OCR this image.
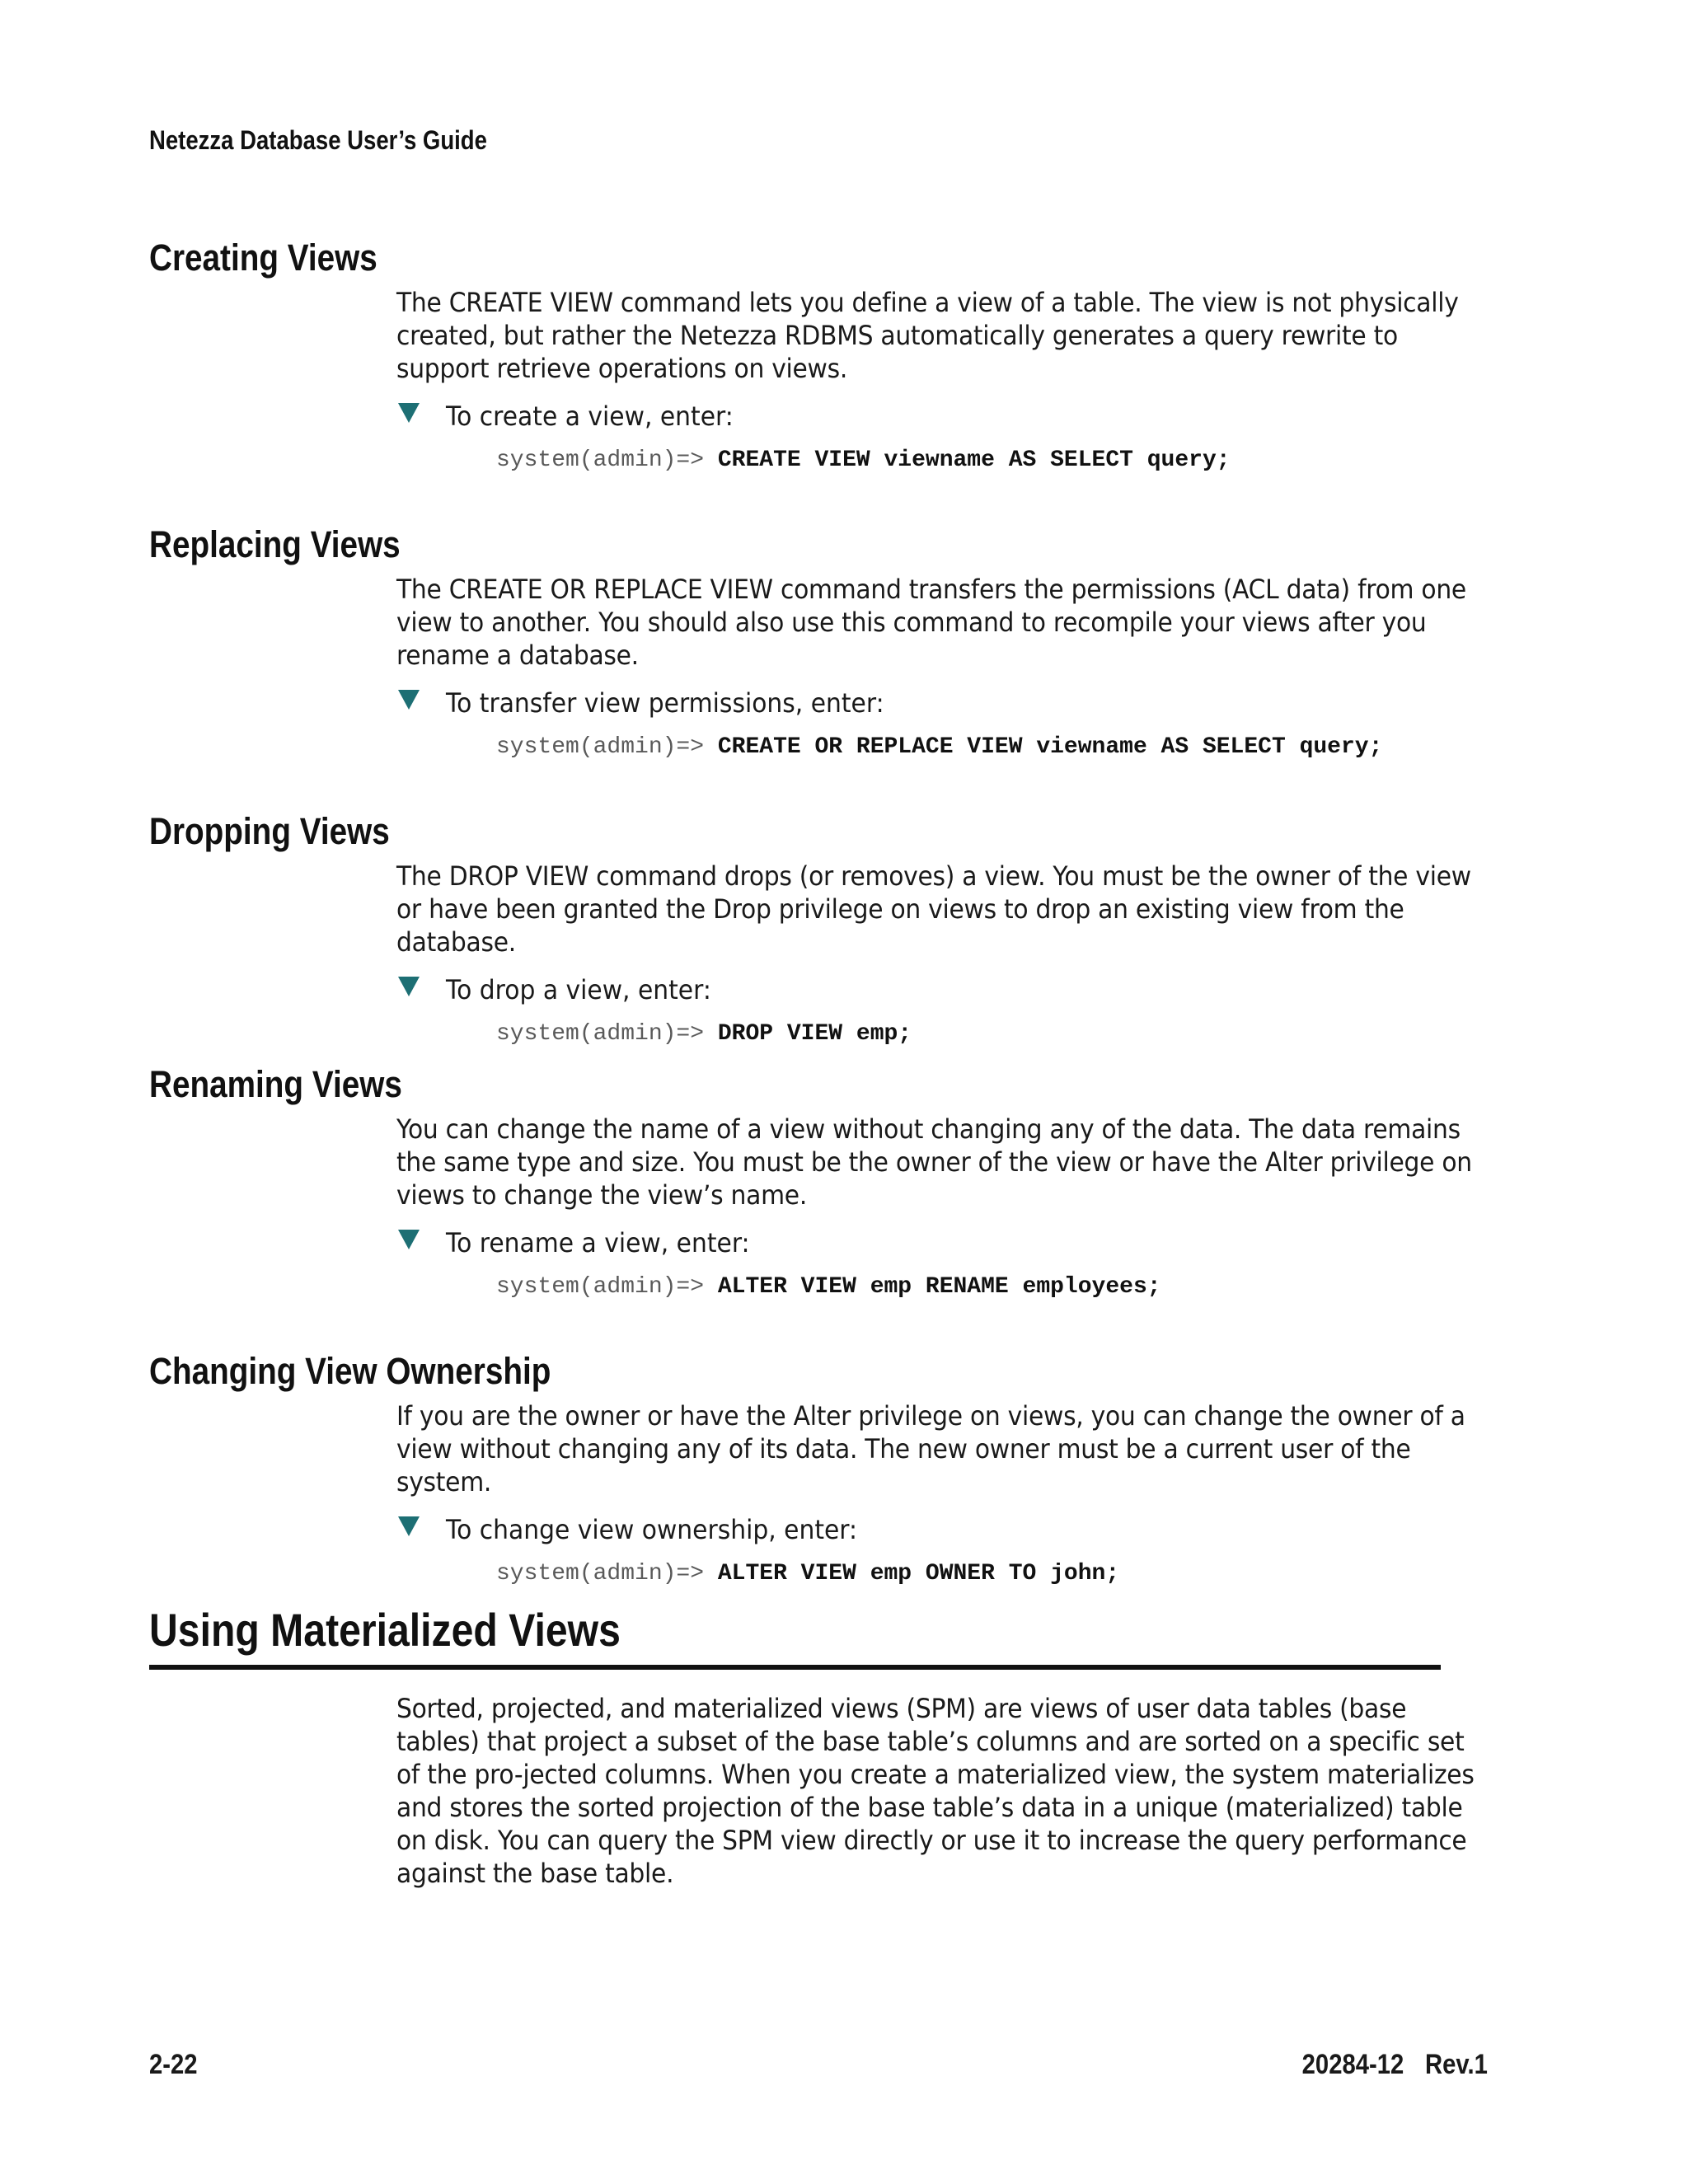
Netezza Database User’s Guide
Creating Views

The CREATE VIEW command lets you define a view of a table. The view is not physically created, but rather the Netezza RDBMS automatically generates a query rewrite to support retrieve operations on views.

To create a view, enter:
system(admin)=> CREATE VIEW viewname AS SELECT query;
Replacing Views

The CREATE OR REPLACE VIEW command transfers the permissions (ACL data) from one view to another. You should also use this command to recompile your views after you rename a database.

To transfer view permissions, enter:
system(admin)=> CREATE OR REPLACE VIEW viewname AS SELECT query;
Dropping Views

The DROP VIEW command drops (or removes) a view. You must be the owner of the view or have been granted the Drop privilege on views to drop an existing view from the database.

To drop a view, enter:
system(admin)=> DROP VIEW emp;
Renaming Views

You can change the name of a view without changing any of the data. The data remains the same type and size. You must be the owner of the view or have the Alter privilege on views to change the view’s name.

To rename a view, enter:
system(admin)=> ALTER VIEW emp RENAME employees;
Changing View Ownership

If you are the owner or have the Alter privilege on views, you can change the owner of a view without changing any of its data. The new owner must be a current user of the system.

To change view ownership, enter:
system(admin)=> ALTER VIEW emp OWNER TO john;
Using Materialized Views

Sorted, projected, and materialized views (SPM) are views of user data tables (base tables) that project a subset of the base table’s columns and are sorted on a specific set of the pro-jected columns. When you create a materialized view, the system materializes and stores the sorted projection of the base table’s data in a unique (materialized) table on disk. You can query the SPM view directly or use it to increase the query performance against the base table.

2-22	20284-12 Rev.1
